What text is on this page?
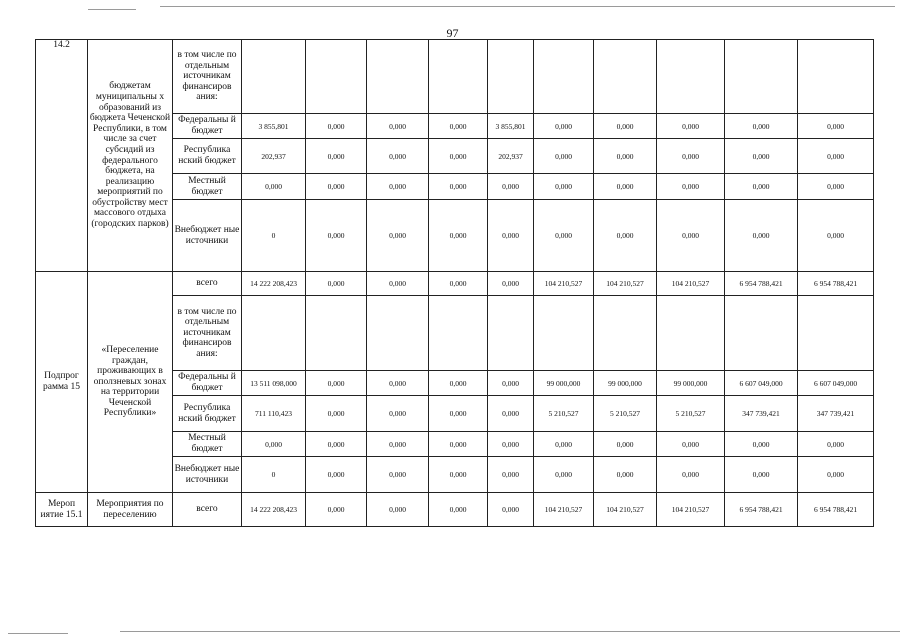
97
14.2	бюджетам муниципальны х образований из бюджета Чеченской Республики, в том числе за счет субсидий из федерального бюджета, на реализацию мероприятий по обустройству мест массового отдыха (городских парков)	в том числе по отдельным источникам финансиров ания:										
		Федеральны й бюджет	3 855,801	0,000	0,000	0,000	3 855,801	0,000	0,000	0,000	0,000	0,000
		Республика нский бюджет	202,937	0,000	0,000	0,000	202,937	0,000	0,000	0,000	0,000	0,000
		Местный бюджет	0,000	0,000	0,000	0,000	0,000	0,000	0,000	0,000	0,000	0,000
		Внебюджет ные источники	0	0,000	0,000	0,000	0,000	0,000	0,000	0,000	0,000	0,000
Подпрог рамма 15	«Переселение граждан, проживающих в оползневых зонах на территории Чеченской Республики»	всего	14 222 208,423	0,000	0,000	0,000	0,000	104 210,527	104 210,527	104 210,527	6 954 788,421	6 954 788,421
		в том числе по отдельным источникам финансиров ания:										
		Федеральны й бюджет	13 511 098,000	0,000	0,000	0,000	0,000	99 000,000	99 000,000	99 000,000	6 607 049,000	6 607 049,000
		Республика нский бюджет	711 110,423	0,000	0,000	0,000	0,000	5 210,527	5 210,527	5 210,527	347 739,421	347 739,421
		Местный бюджет	0,000	0,000	0,000	0,000	0,000	0,000	0,000	0,000	0,000	0,000
		Внебюджет ные источники	0	0,000	0,000	0,000	0,000	0,000	0,000	0,000	0,000	0,000
Мероп иятие 15.1	Мероприятия по переселению	всего	14 222 208,423	0,000	0,000	0,000	0,000	104 210,527	104 210,527	104 210,527	6 954 788,421	6 954 788,421
